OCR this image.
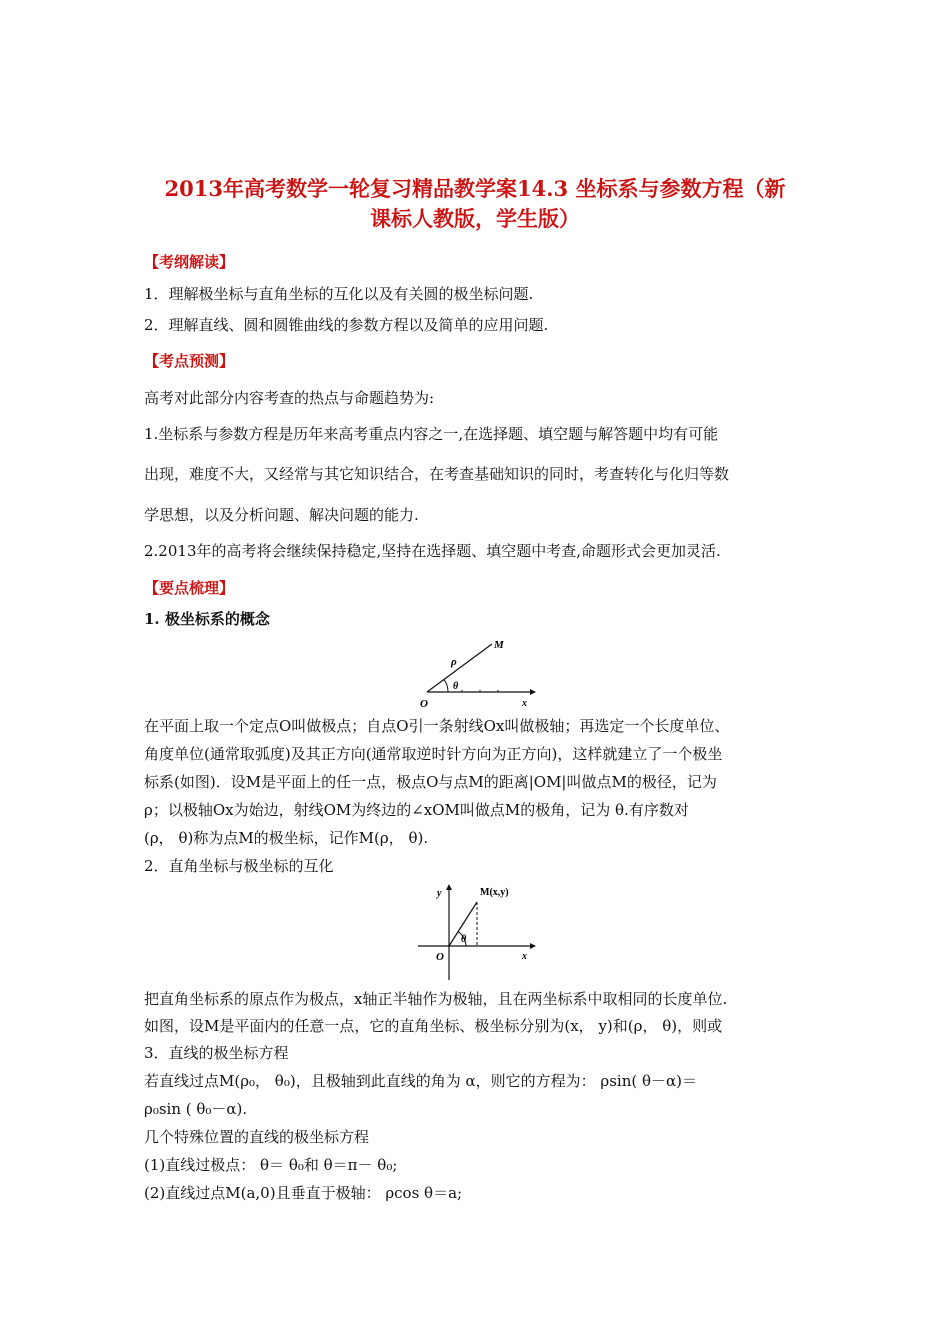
2013年高考数学一轮复习精品教学案14.3 坐标系与参数方程（新
课标人教版，学生版）
【考纲解读】
1．理解极坐标与直角坐标的互化以及有关圆的极坐标问题.
2．理解直线、圆和圆锥曲线的参数方程以及简单的应用问题.
【考点预测】
高考对此部分内容考查的热点与命题趋势为:
1.坐标系与参数方程是历年来高考重点内容之一,在选择题、填空题与解答题中均有可能
出现，难度不大，又经常与其它知识结合，在考查基础知识的同时，考查转化与化归等数
学思想，以及分析问题、解决问题的能力.
2.2013年的高考将会继续保持稳定,坚持在选择题、填空题中考查,命题形式会更加灵活.
【要点梳理】
1. 极坐标系的概念
M
ρ
θ
O	x
在平面上取一个定点O叫做极点；自点O引一条射线Ox叫做极轴；再选定一个长度单位、
角度单位(通常取弧度)及其正方向(通常取逆时针方向为正方向)，这样就建立了一个极坐
标系(如图)．设M是平面上的任一点，极点O与点M的距离|OM|叫做点M的极径，记为
ρ；以极轴Ox为始边，射线OM为终边的∠xOM叫做点M的极角，记为 θ.有序数对
(ρ， θ)称为点M的极坐标，记作M(ρ， θ).
2．直角坐标与极坐标的互化
M(x,y)
y
θ
O	x
把直角坐标系的原点作为极点，x轴正半轴作为极轴，且在两坐标系中取相同的长度单位.
如图，设M是平面内的任意一点，它的直角坐标、极坐标分别为(x， y)和(ρ， θ)，则或
3．直线的极坐标方程
若直线过点M(ρ₀， θ₀)，且极轴到此直线的角为 α，则它的方程为： ρsin( θ－α)＝
ρ₀sin ( θ₀－α).
几个特殊位置的直线的极坐标方程
(1)直线过极点： θ＝ θ₀和 θ＝π－ θ₀;
(2)直线过点M(a,0)且垂直于极轴： ρcos θ＝a;
